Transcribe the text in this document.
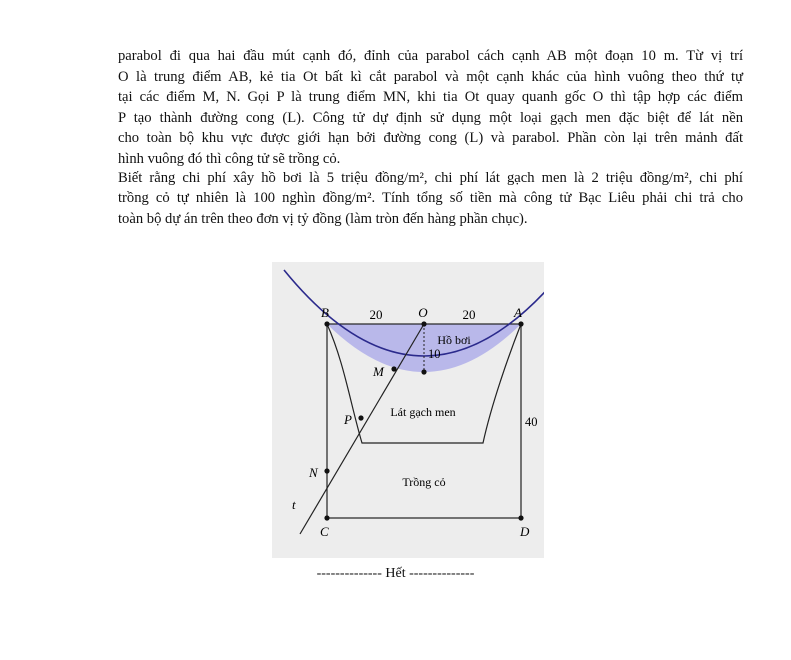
parabol đi qua hai đầu mút cạnh đó, đỉnh của parabol cách cạnh AB một đoạn 10 m. Từ vị trí
O là trung điểm AB, kẻ tia Ot bất kì cắt parabol và một cạnh khác của hình vuông theo thứ tự
tại các điểm M, N. Gọi P là trung điểm MN, khi tia Ot quay quanh gốc O thì tập hợp các điểm
P tạo thành đường cong (L). Công tử dự định sử dụng một loại gạch men đặc biệt để lát nền
cho toàn bộ khu vực được giới hạn bởi đường cong (L) và parabol. Phần còn lại trên mảnh đất
hình vuông đó thì công tử sẽ trồng cỏ.
Biết rằng chi phí xây hồ bơi là 5 triệu đồng/m², chi phí lát gạch men là 2 triệu đồng/m², chi phí
trồng cỏ tự nhiên là 100 nghìn đồng/m². Tính tổng số tiền mà công tử Bạc Liêu phải chi trả cho
toàn bộ dự án trên theo đơn vị tỷ đồng (làm tròn đến hàng phần chục).
B	20	O	20	A
Hồ bơi
10
M
P	Lát gạch men
40
N
Trồng cỏ
t
C	D
-------------- Hết --------------
